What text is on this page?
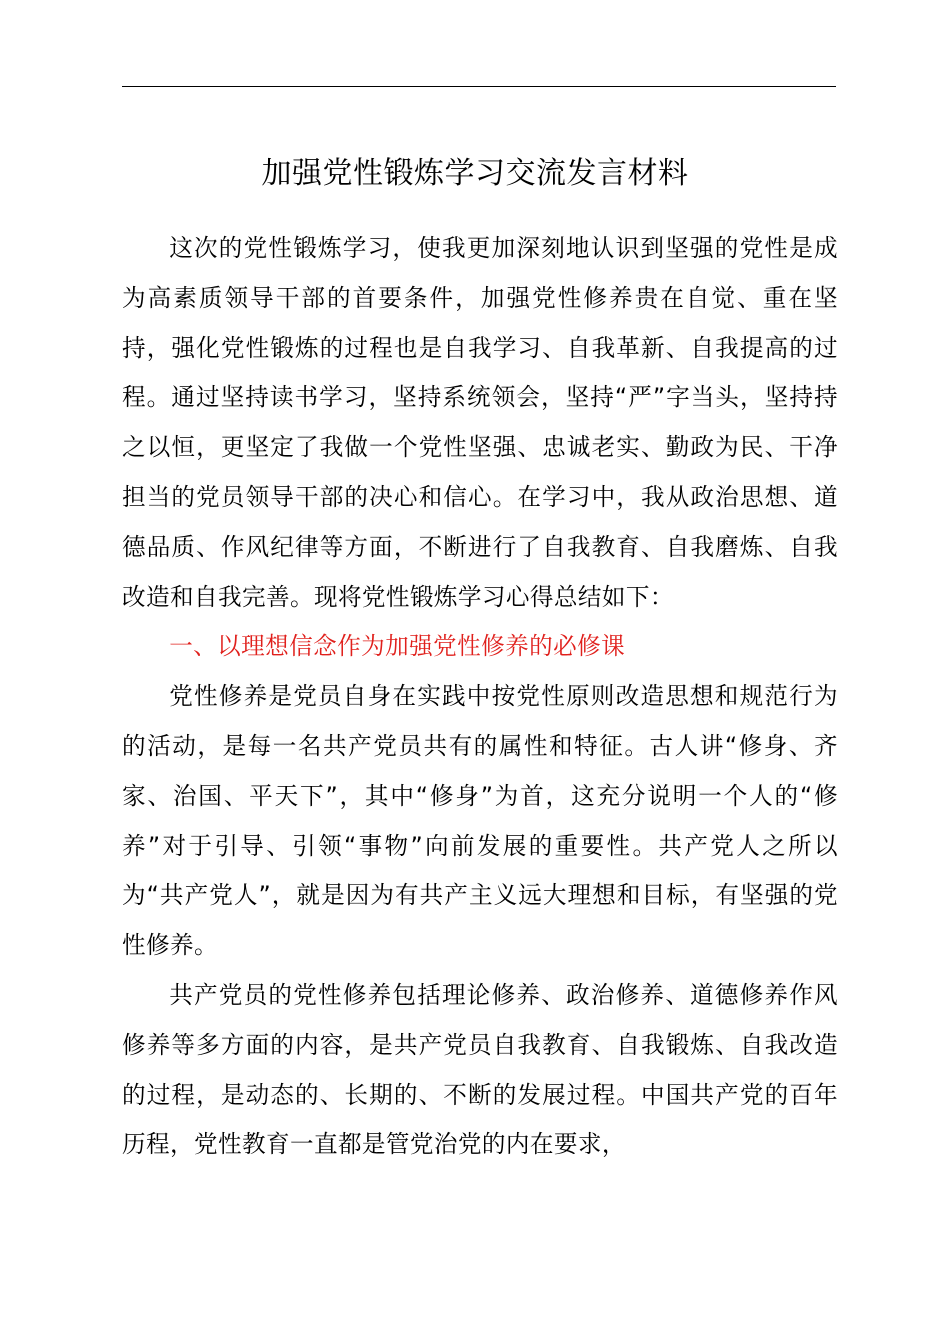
加强党性锻炼学习交流发言材料

这次的党性锻炼学习，使我更加深刻地认识到坚强的党性是成为高素质领导干部的首要条件，加强党性修养贵在自觉、重在坚持，强化党性锻炼的过程也是自我学习、自我革新、自我提高的过程。通过坚持读书学习，坚持系统领会，坚持“严”字当头，坚持持之以恒，更坚定了我做一个党性坚强、忠诚老实、勤政为民、干净担当的党员领导干部的决心和信心。在学习中，我从政治思想、道德品质、作风纪律等方面，不断进行了自我教育、自我磨炼、自我改造和自我完善。现将党性锻炼学习心得总结如下：

一、以理想信念作为加强党性修养的必修课

党性修养是党员自身在实践中按党性原则改造思想和规范行为的活动，是每一名共产党员共有的属性和特征。古人讲“修身、齐家、治国、平天下”，其中“修身”为首，这充分说明一个人的“修养”对于引导、引领“事物”向前发展的重要性。共产党人之所以为“共产党人”，就是因为有共产主义远大理想和目标，有坚强的党性修养。

共产党员的党性修养包括理论修养、政治修养、道德修养作风修养等多方面的内容，是共产党员自我教育、自我锻炼、自我改造的过程，是动态的、长期的、不断的发展过程。中国共产党的百年历程，党性教育一直都是管党治党的内在要求，
